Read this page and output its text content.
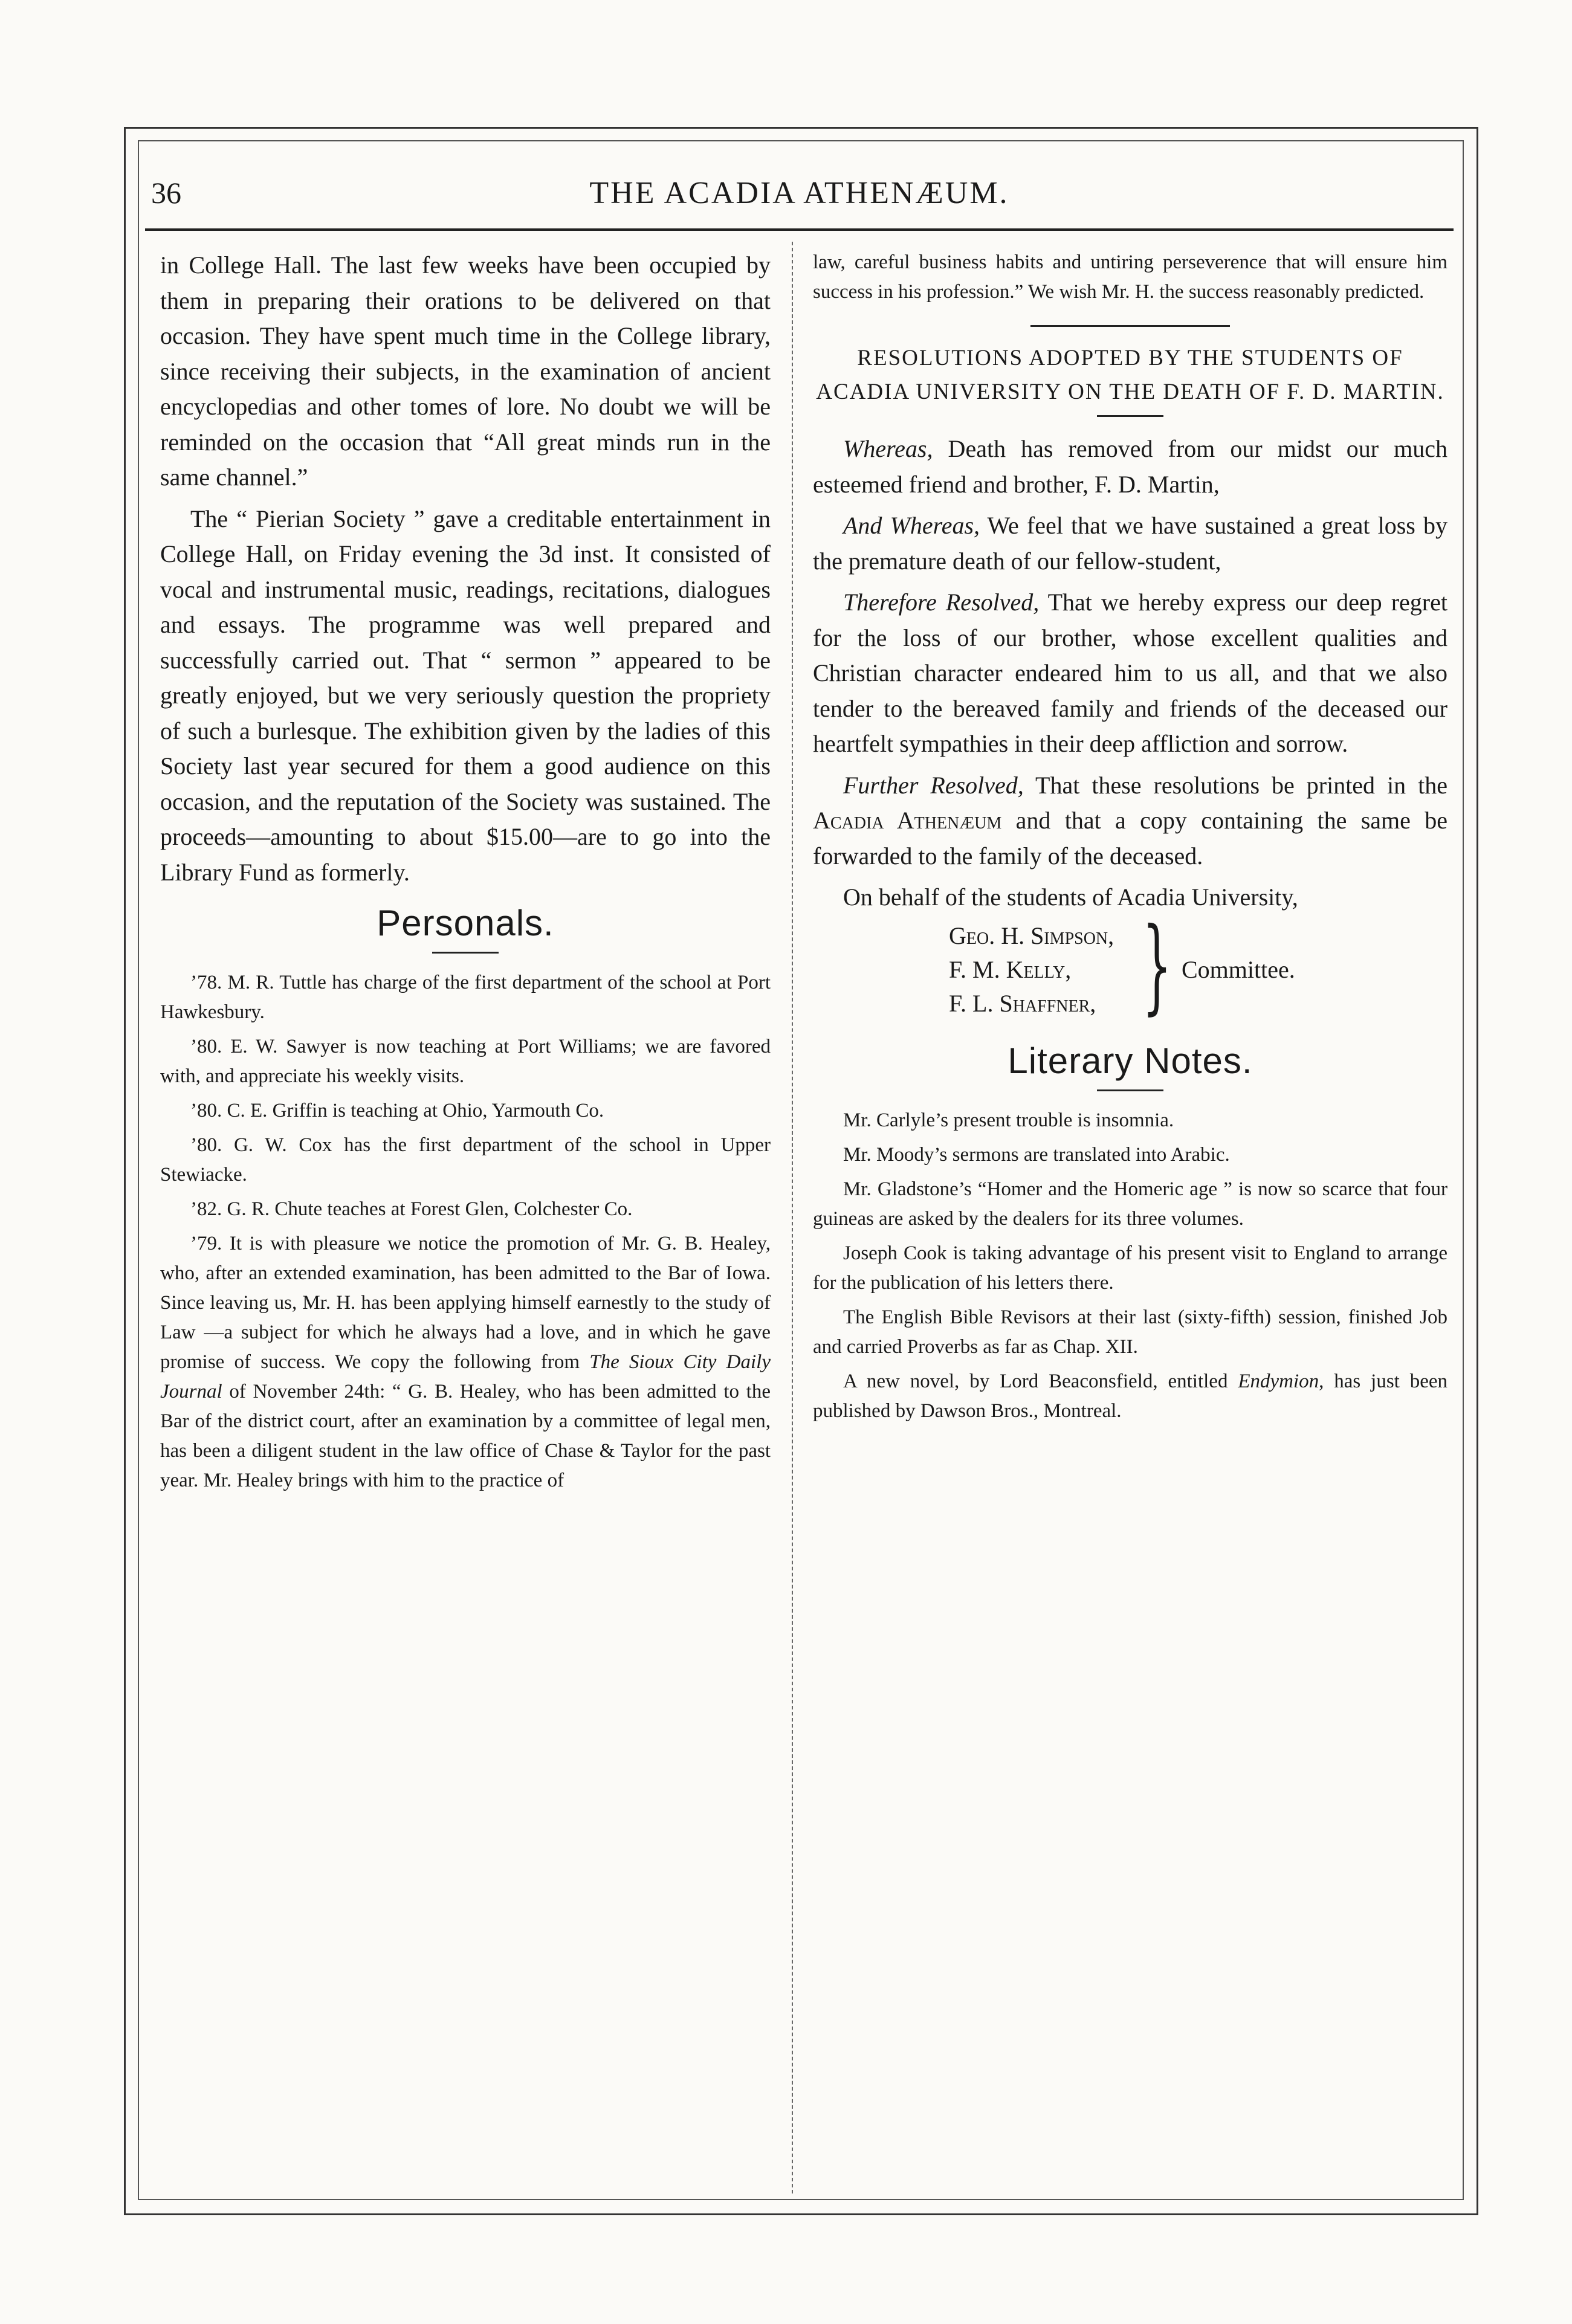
36	THE ACADIA ATHENÆUM.

in College Hall. The last few weeks have been occupied by them in preparing their orations to be delivered on that occasion. They have spent much time in the College library, since receiving their subjects, in the examination of ancient encyclopedias and other tomes of lore. No doubt we will be reminded on the occasion that “All great minds run in the same channel.”

The “ Pierian Society ” gave a creditable entertainment in College Hall, on Friday evening the 3d inst. It consisted of vocal and instrumental music, readings, recitations, dialogues and essays. The programme was well prepared and successfully carried out. That “ sermon ” appeared to be greatly enjoyed, but we very seriously question the propriety of such a burlesque. The exhibition given by the ladies of this Society last year secured for them a good audience on this occasion, and the reputation of the Society was sustained. The proceeds—amounting to about $15.00—are to go into the Library Fund as formerly.

Personals.

’78. M. R. Tuttle has charge of the first department of the school at Port Hawkesbury.

’80. E. W. Sawyer is now teaching at Port Williams; we are favored with, and appreciate his weekly visits.

’80. C. E. Griffin is teaching at Ohio, Yarmouth Co.

’80. G. W. Cox has the first department of the school in Upper Stewiacke.

’82. G. R. Chute teaches at Forest Glen, Colchester Co.

’79. It is with pleasure we notice the promotion of Mr. G. B. Healey, who, after an extended examination, has been admitted to the Bar of Iowa. Since leaving us, Mr. H. has been applying himself earnestly to the study of Law —a subject for which he always had a love, and in which he gave promise of success. We copy the following from The Sioux City Daily Journal of November 24th: “ G. B. Healey, who has been admitted to the Bar of the district court, after an examination by a committee of legal men, has been a diligent student in the law office of Chase & Taylor for the past year. Mr. Healey brings with him to the practice of

law, careful business habits and untiring perseverence that will ensure him success in his profession.” We wish Mr. H. the success reasonably predicted.

RESOLUTIONS ADOPTED BY THE STUDENTS OF ACADIA UNIVERSITY ON THE DEATH OF F. D. MARTIN.

Whereas, Death has removed from our midst our much esteemed friend and brother, F. D. Martin,

And Whereas, We feel that we have sustained a great loss by the premature death of our fellow-student,

Therefore Resolved, That we hereby express our deep regret for the loss of our brother, whose excellent qualities and Christian character endeared him to us all, and that we also tender to the bereaved family and friends of the deceased our heartfelt sympathies in their deep affliction and sorrow.

Further Resolved, That these resolutions be printed in the Acadia Athenæum and that a copy containing the same be forwarded to the family of the deceased.

On behalf of the students of Acadia University,

Geo. H. Simpson,
F. M. Kelly,
F. L. Shaffner, } Committee.
Literary Notes.

Mr. Carlyle’s present trouble is insomnia.

Mr. Moody’s sermons are translated into Arabic.

Mr. Gladstone’s “Homer and the Homeric age ” is now so scarce that four guineas are asked by the dealers for its three volumes.

Joseph Cook is taking advantage of his present visit to England to arrange for the publication of his letters there.

The English Bible Revisors at their last (sixty-fifth) session, finished Job and carried Proverbs as far as Chap. XII.

A new novel, by Lord Beaconsfield, entitled Endymion, has just been published by Dawson Bros., Montreal.
